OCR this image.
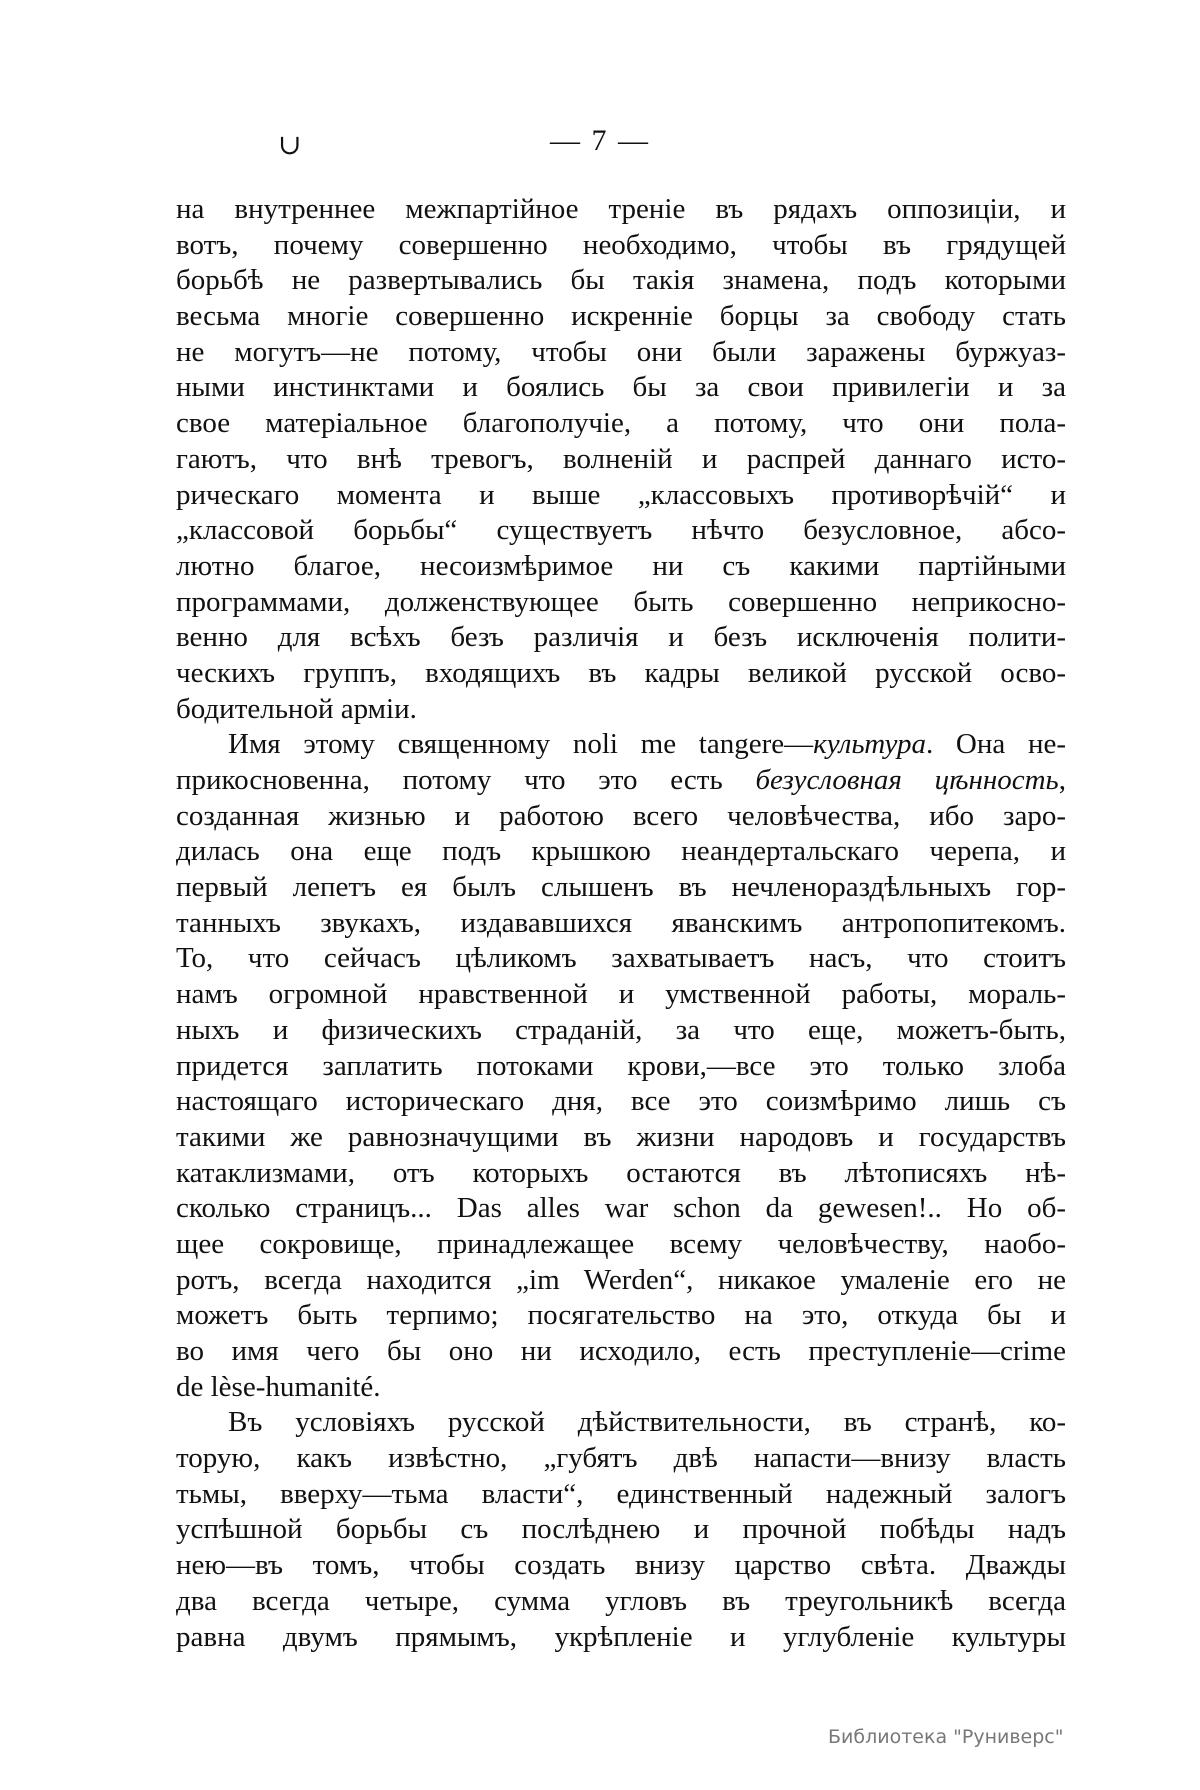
∪	— 7 —
на внутреннее межпартiйное тренiе въ рядахъ оппозицiи, и
вотъ, почему совершенно необходимо, чтобы въ грядущей
борьбѣ не развертывались бы такiя знамена, подъ которыми
весьма многiе совершенно искреннiе борцы за свободу стать
не могутъ—не потому, чтобы они были заражены буржуаз-
ными инстинктами и боялись бы за свои привилегiи и за
свое матерiальное благополучiе, а потому, что они пола-
гаютъ, что внѣ тревогъ, волненiй и распрей даннаго исто-
рическаго момента и выше „классовыхъ противорѣчiй“ и
„классовой борьбы“ существуетъ нѣчто безусловное, абсо-
лютно благое, несоизмѣримое ни съ какими партiйными
программами, долженствующее быть совершенно неприкосно-
венно для всѣхъ безъ различiя и безъ исключенiя полити-
ческихъ группъ, входящихъ въ кадры великой русской осво-
бодительной армiи.
Имя этому священному noli me tangere—культура. Она не-
прикосновенна, потому что это есть безусловная цѣнность,
созданная жизнью и работою всего человѣчества, ибо заро-
дилась она еще подъ крышкою неандертальскаго черепа, и
первый лепетъ ея былъ слышенъ въ нечленораздѣльныхъ гор-
танныхъ звукахъ, издававшихся яванскимъ антропопитекомъ.
То, что сейчасъ цѣликомъ захватываетъ насъ, что стоитъ
намъ огромной нравственной и умственной работы, мораль-
ныхъ и физическихъ страданiй, за что еще, можетъ-быть,
придется заплатить потоками крови,—все это только злоба
настоящаго историческаго дня, все это соизмѣримо лишь съ
такими же равнозначущими въ жизни народовъ и государствъ
катаклизмами, отъ которыхъ остаются въ лѣтописяхъ нѣ-
сколько страницъ... Das alles war schon da gewesen!.. Но об-
щее сокровище, принадлежащее всему человѣчеству, наобо-
ротъ, всегда находится „im Werden“, никакое умаленiе его не
можетъ быть терпимо; посягательство на это, откуда бы и
во имя чего бы оно ни исходило, есть преступленiе—crime
de lèse-humanité.
Въ условiяхъ русской дѣйствительности, въ странѣ, ко-
торую, какъ извѣстно, „губятъ двѣ напасти—внизу власть
тьмы, вверху—тьма власти“, единственный надежный залогъ
успѣшной борьбы съ послѣднею и прочной побѣды надъ
нею—въ томъ, чтобы создать внизу царство свѣта. Дважды
два всегда четыре, сумма угловъ въ треугольникѣ всегда
равна двумъ прямымъ, укрѣпленiе и углубленiе культуры
Библиотека "Руниверс"
